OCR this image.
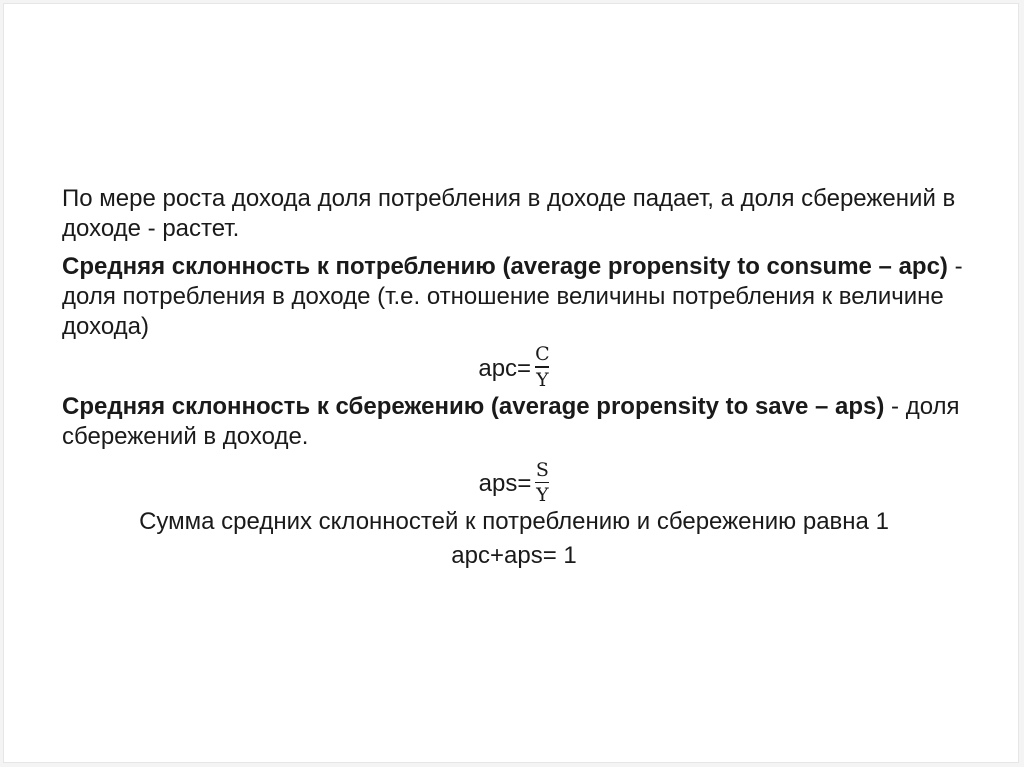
По мере роста дохода доля потребления в доходе падает, а доля сбережений в доходе - растет.

Средняя склонность к потреблению (average propensity to consume – apc) - доля потребления в доходе (т.е. отношение величины потребления к величине дохода)

$apc= \frac{C}{Y}$

Средняя склонность к сбережению (average propensity to save – aps) - доля сбережений в доходе.

$aps= \frac{S}{Y}$

Сумма средних склонностей к потреблению и сбережению равна 1

apc+aps= 1
